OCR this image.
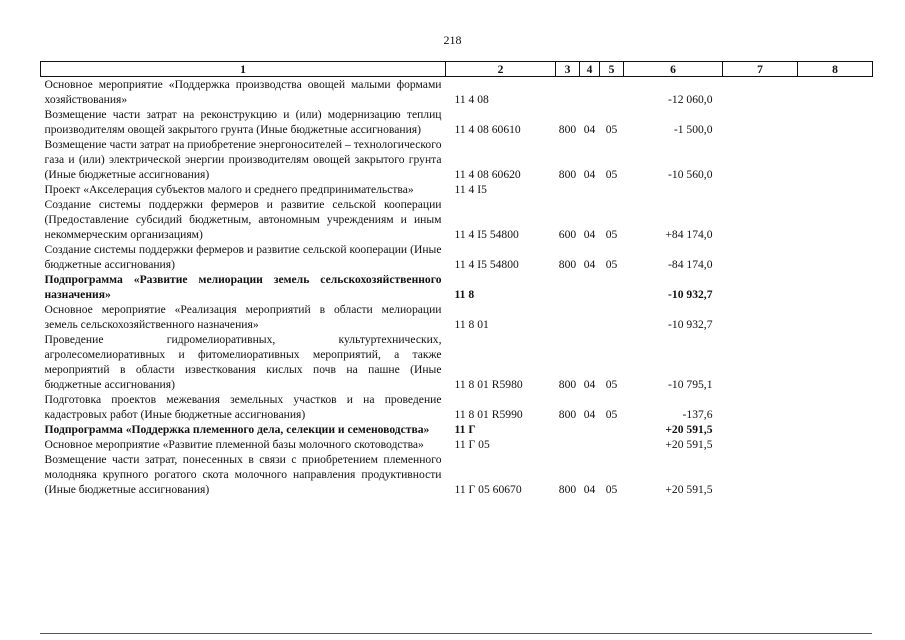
218
1	2	3	4	5	6	7	8
Основное мероприятие «Поддержка производства овощей малыми формами хозяйствования»	11 4 08				-12 060,0		
Возмещение части затрат на реконструкцию и (или) модернизацию теплиц производителям овощей закрытого грунта (Иные бюджетные ассигнования)	11 4 08 60610	800	04	05	-1 500,0		
Возмещение части затрат на приобретение энергоносителей – технологического газа и (или) электрической энергии производителям овощей закрытого грунта (Иные бюджетные ассигнования)	11 4 08 60620	800	04	05	-10 560,0		
Проект «Акселерация субъектов малого и среднего предпринимательства»	11 4 I5						
Создание системы поддержки фермеров и развитие сельской кооперации (Предоставление субсидий бюджетным, автономным учреждениям и иным некоммерческим организациям)	11 4 I5 54800	600	04	05	+84 174,0		
Создание системы поддержки фермеров и развитие сельской кооперации (Иные бюджетные ассигнования)	11 4 I5 54800	800	04	05	-84 174,0		
Подпрограмма «Развитие мелиорации земель сельскохозяйственного назначения»	11 8				-10 932,7		
Основное мероприятие «Реализация мероприятий в области мелиорации земель сельскохозяйственного назначения»	11 8 01				-10 932,7		
Проведение гидромелиоративных, культуртехнических, агролесомелиоративных и фитомелиоративных мероприятий, а также мероприятий в области известкования кислых почв на пашне (Иные бюджетные ассигнования)	11 8 01 R5980	800	04	05	-10 795,1		
Подготовка проектов межевания земельных участков и на проведение кадастровых работ (Иные бюджетные ассигнования)	11 8 01 R5990	800	04	05	-137,6		
Подпрограмма «Поддержка племенного дела, селекции и семеноводства»	11 Г				+20 591,5		
Основное мероприятие «Развитие племенной базы молочного скотоводства»	11 Г 05				+20 591,5		
Возмещение части затрат, понесенных в связи с приобретением племенного молодняка крупного рогатого скота молочного направления продуктивности (Иные бюджетные ассигнования)	11 Г 05 60670	800	04	05	+20 591,5		
